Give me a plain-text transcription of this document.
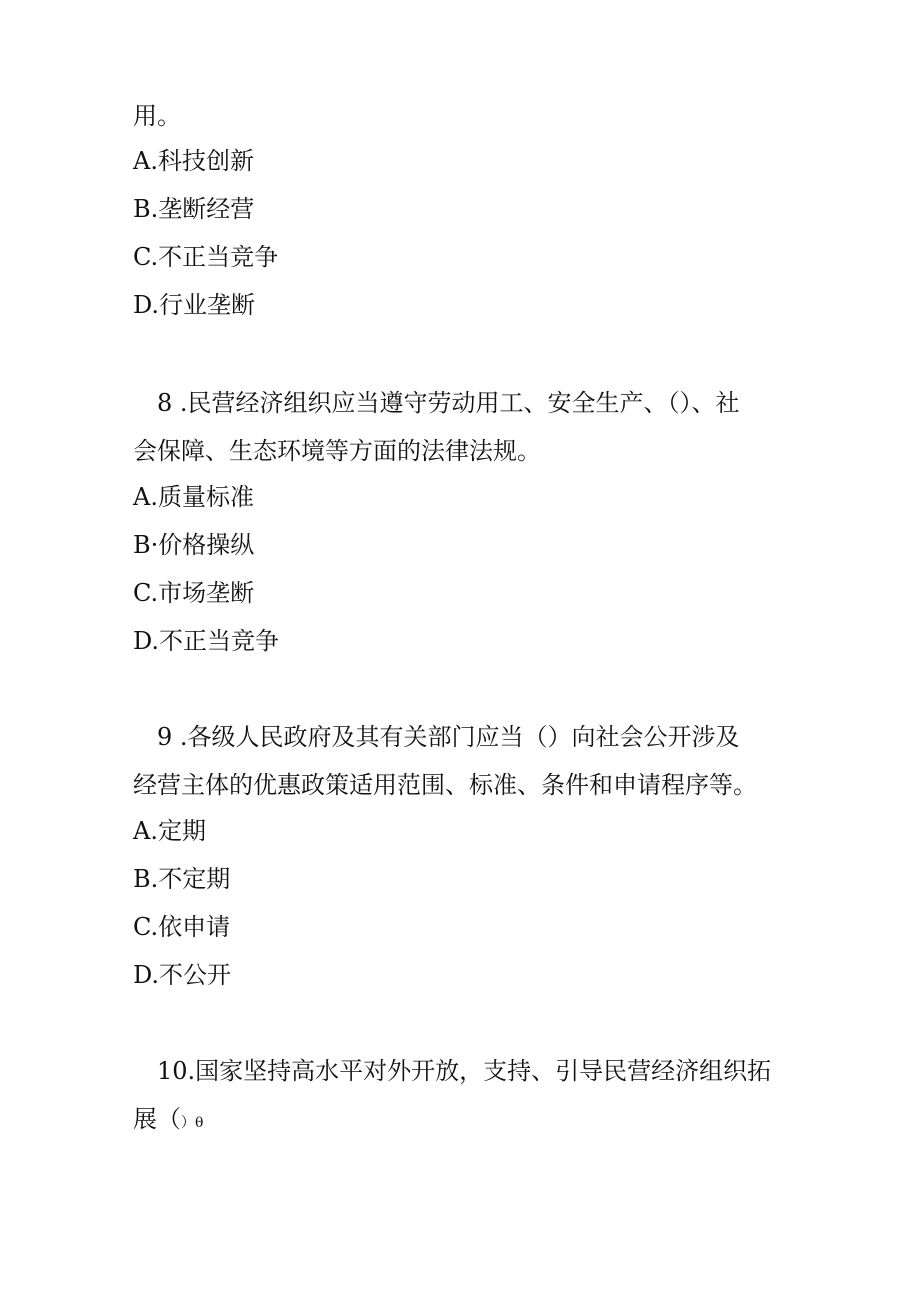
用。
A.科技创新
B.垄断经营
C.不正当竞争
D.行业垄断
8 .民营经济组织应当遵守劳动用工、安全生产、（）、社
会保障、生态环境等方面的法律法规。
A.质量标准
B·价格操纵
C.市场垄断
D.不正当竞争
9 .各级人民政府及其有关部门应当（）向社会公开涉及
经营主体的优惠政策适用范围、标准、条件和申请程序等。
A.定期
B.不定期
C.依申请
D.不公开
10.国家坚持高水平对外开放，支持、引导民营经济组织拓
展（）θ
